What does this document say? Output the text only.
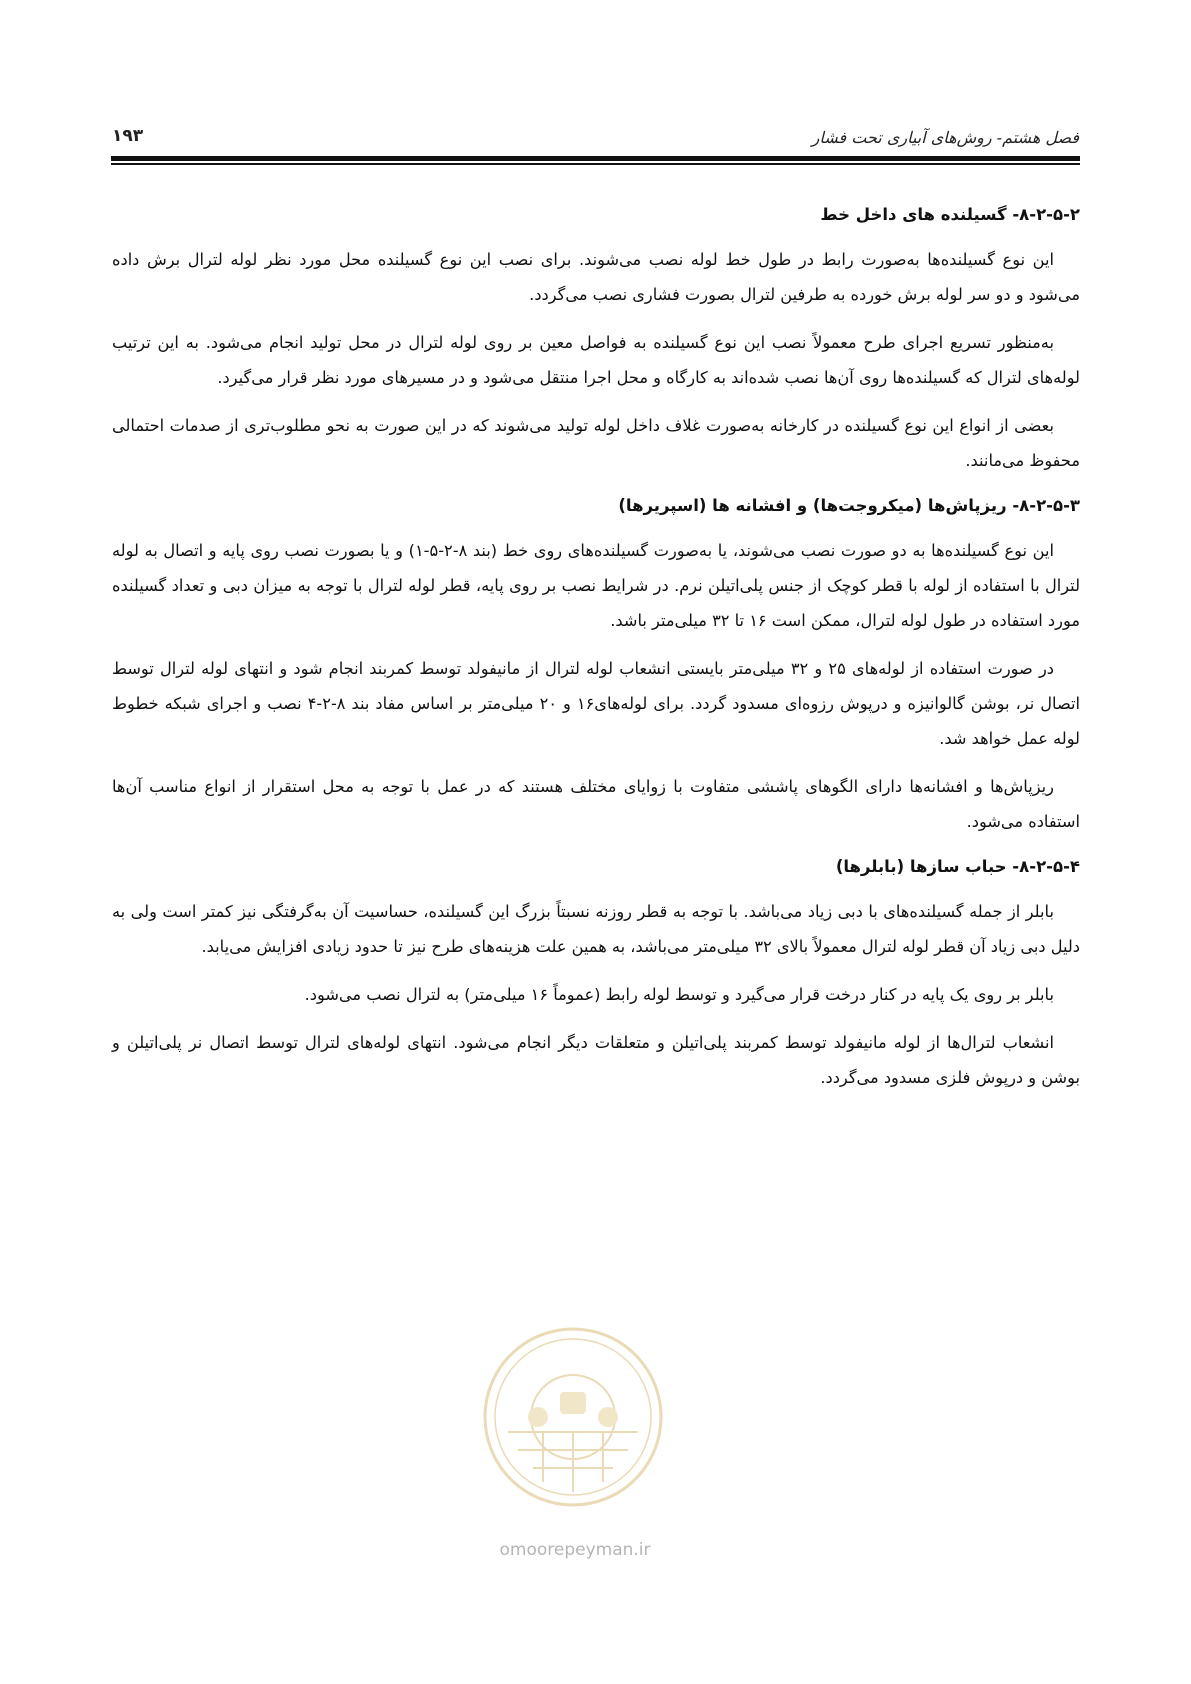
فصل هشتم- روش‌های آبیاری تحت فشار
۱۹۳
۸-۲-۵-۲- گسیلنده های داخل خط

این نوع گسیلنده‌ها به‌صورت رابط در طول خط لوله نصب می‌شوند. برای نصب این نوع گسیلنده محل مورد نظر لوله لترال برش داده می‌شود و دو سر لوله برش خورده به طرفین لترال بصورت فشاری نصب می‌گردد.

به‌منظور تسریع اجرای طرح معمولاً نصب این نوع گسیلنده به فواصل معین بر روی لوله لترال در محل تولید انجام می‌شود. به این ترتیب لوله‌های لترال که گسیلنده‌ها روی آن‌ها نصب شده‌اند به کارگاه و محل اجرا منتقل می‌شود و در مسیرهای مورد نظر قرار می‌گیرد.

بعضی از انواع این نوع گسیلنده در کارخانه به‌صورت غلاف داخل لوله تولید می‌شوند که در این صورت به نحو مطلوب‌تری از صدمات احتمالی محفوظ می‌مانند.

۸-۲-۵-۳- ریزپاش‌ها (میکروجت‌ها) و افشانه ها (اسپریرها)

این نوع گسیلنده‌ها به دو صورت نصب می‌شوند، یا به‌صورت گسیلنده‌های روی خط (بند ۸-۲-۵-۱) و یا بصورت نصب روی پایه و اتصال به لوله لترال با استفاده از لوله با قطر کوچک از جنس پلی‌اتیلن نرم. در شرایط نصب بر روی پایه، قطر لوله لترال با توجه به میزان دبی و تعداد گسیلنده مورد استفاده در طول لوله لترال، ممکن است ۱۶ تا ۳۲ میلی‌متر باشد.

در صورت استفاده از لوله‌های ۲۵ و ۳۲ میلی‌متر بایستی انشعاب لوله لترال از مانیفولد توسط کمربند انجام شود و انتهای لوله لترال توسط اتصال نر، بوشن گالوانیزه و درپوش رزوه‌ای مسدود گردد. برای لوله‌های۱۶ و ۲۰ میلی‌متر بر اساس مفاد بند ۸-۲-۴ نصب و اجرای شبکه خطوط لوله عمل خواهد شد.

ریزپاش‌ها و افشانه‌ها دارای الگوهای پاششی متفاوت با زوایای مختلف هستند که در عمل با توجه به محل استقرار از انواع مناسب آن‌ها استفاده می‌شود.

۸-۲-۵-۴- حباب سازها (بابلرها)

بابلر از جمله گسیلنده‌های با دبی زیاد می‌باشد. با توجه به قطر روزنه نسبتاً بزرگ این گسیلنده، حساسیت آن به‌گرفتگی نیز کمتر است ولی به دلیل دبی زیاد آن قطر لوله لترال معمولاً بالای ۳۲ میلی‌متر می‌باشد، به همین علت هزینه‌های طرح نیز تا حدود زیادی افزایش می‌یابد.

بابلر بر روی یک پایه در کنار درخت قرار می‌گیرد و توسط لوله رابط (عموماً ۱۶ میلی‌متر) به لترال نصب می‌شود.

انشعاب لترال‌ها از لوله مانیفولد توسط کمربند پلی‌اتیلن و متعلقات دیگر انجام می‌شود. انتهای لوله‌های لترال توسط اتصال نر پلی‌اتیلن و بوشن و درپوش فلزی مسدود می‌گردد.

omoorepeyman.ir
